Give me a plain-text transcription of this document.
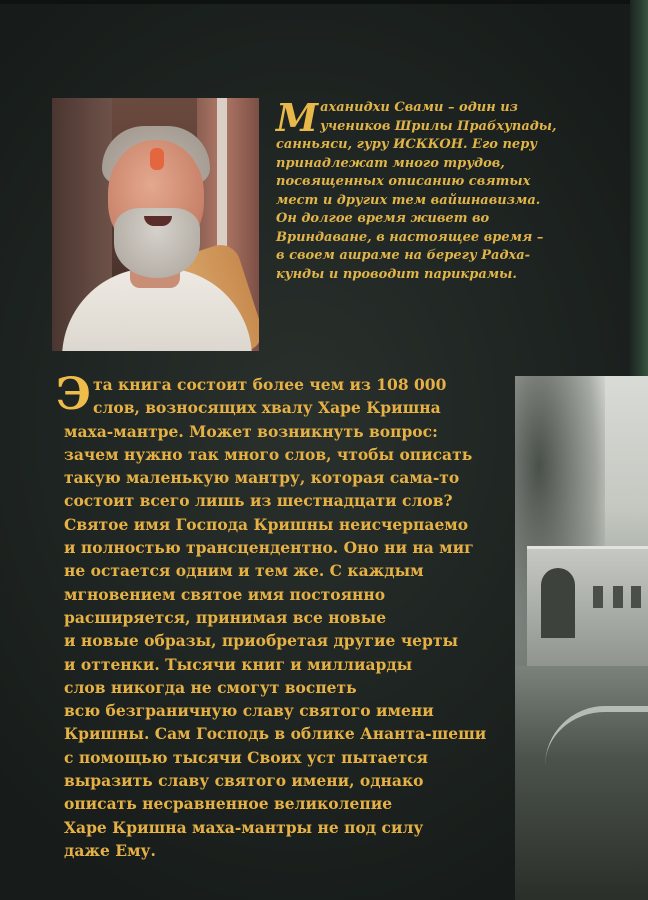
М аханидхи Свами – один из
учеников Шрилы Прабхупады,
санньяси, гуру ИСККОН. Его перу
принадлежат много трудов,
посвященных описанию святых
мест и других тем вайшнавизма.
Он долгое время живет во
Вриндаване, в настоящее время –
в своем ашраме на берегу Радха-
кунды и проводит парикрамы.
Э та книга состоит более чем из 108 000
слов, возносящих хвалу Харе Кришна
маха-мантре. Может возникнуть вопрос:
зачем нужно так много слов, чтобы описать
такую маленькую мантру, которая сама-то
состоит всего лишь из шестнадцати слов?
Святое имя Господа Кришны неисчерпаемо
и полностью трансцендентно. Оно ни на миг
не остается одним и тем же. С каждым
мгновением святое имя постоянно
расширяется, принимая все новые
и новые образы, приобретая другие черты
и оттенки. Тысячи книг и миллиарды
слов никогда не смогут воспеть
всю безграничную славу святого имени
Кришны. Сам Господь в облике Ананта-шеши
с помощью тысячи Своих уст пытается
выразить славу святого имени, однако
описать несравненное великолепие
Харе Кришна маха-мантры не под силу
даже Ему.
